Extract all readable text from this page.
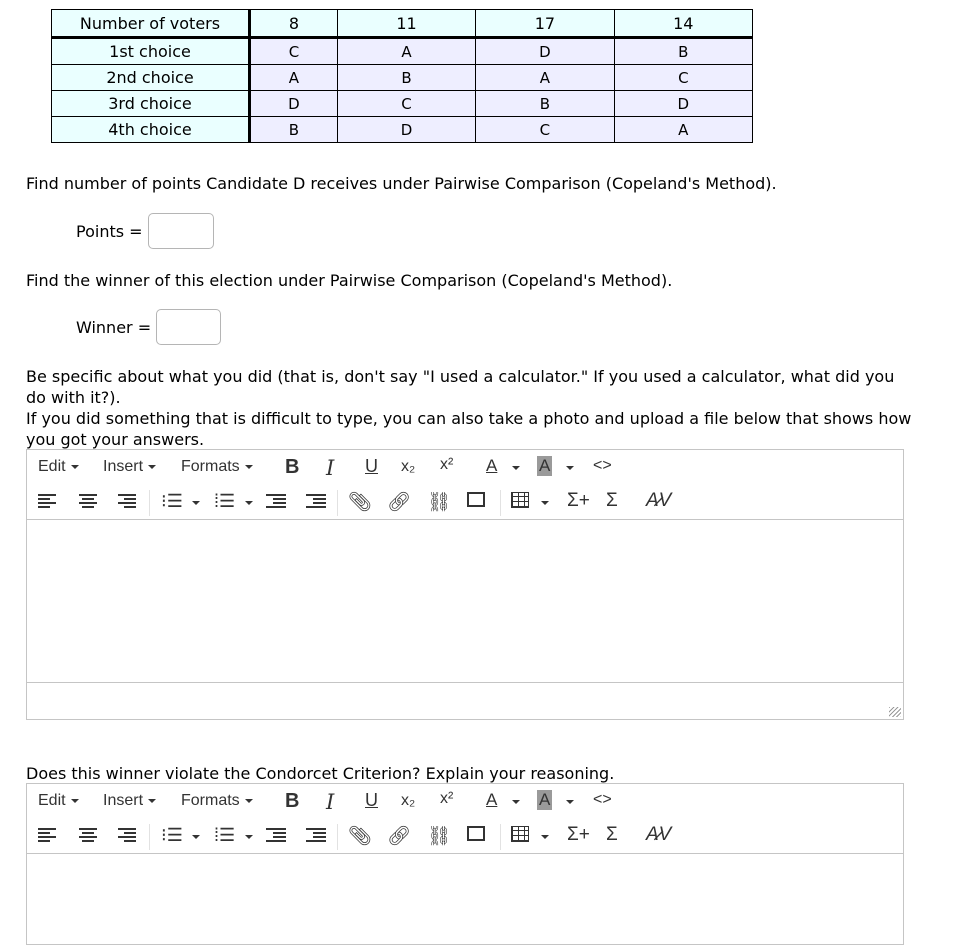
Number of voters	8	11	17	14
1st choice	C	A	D	B
2nd choice	A	B	A	C
3rd choice	D	C	B	D
4th choice	B	D	C	A
Find number of points Candidate D receives under Pairwise Comparison (Copeland's Method).
Points =
Find the winner of this election under Pairwise Comparison (Copeland's Method).
Winner =
Be specific about what you did (that is, don't say "I used a calculator." If you used a calculator, what did you do with it?).
If you did something that is difficult to type, you can also take a photo and upload a file below that shows how you got your answers.
Edit Insert Formats B I U x₂ x² A A	<>
⁝☰ ⁞☰	📎︎ 🔗︎ ⛓︎	Σ+ Σ A̷V
Does this winner violate the Condorcet Criterion? Explain your reasoning.
Edit Insert Formats B I U x₂ x² A A	<>
⁝☰ ⁞☰	📎︎ 🔗︎ ⛓︎	Σ+ Σ A̷V
